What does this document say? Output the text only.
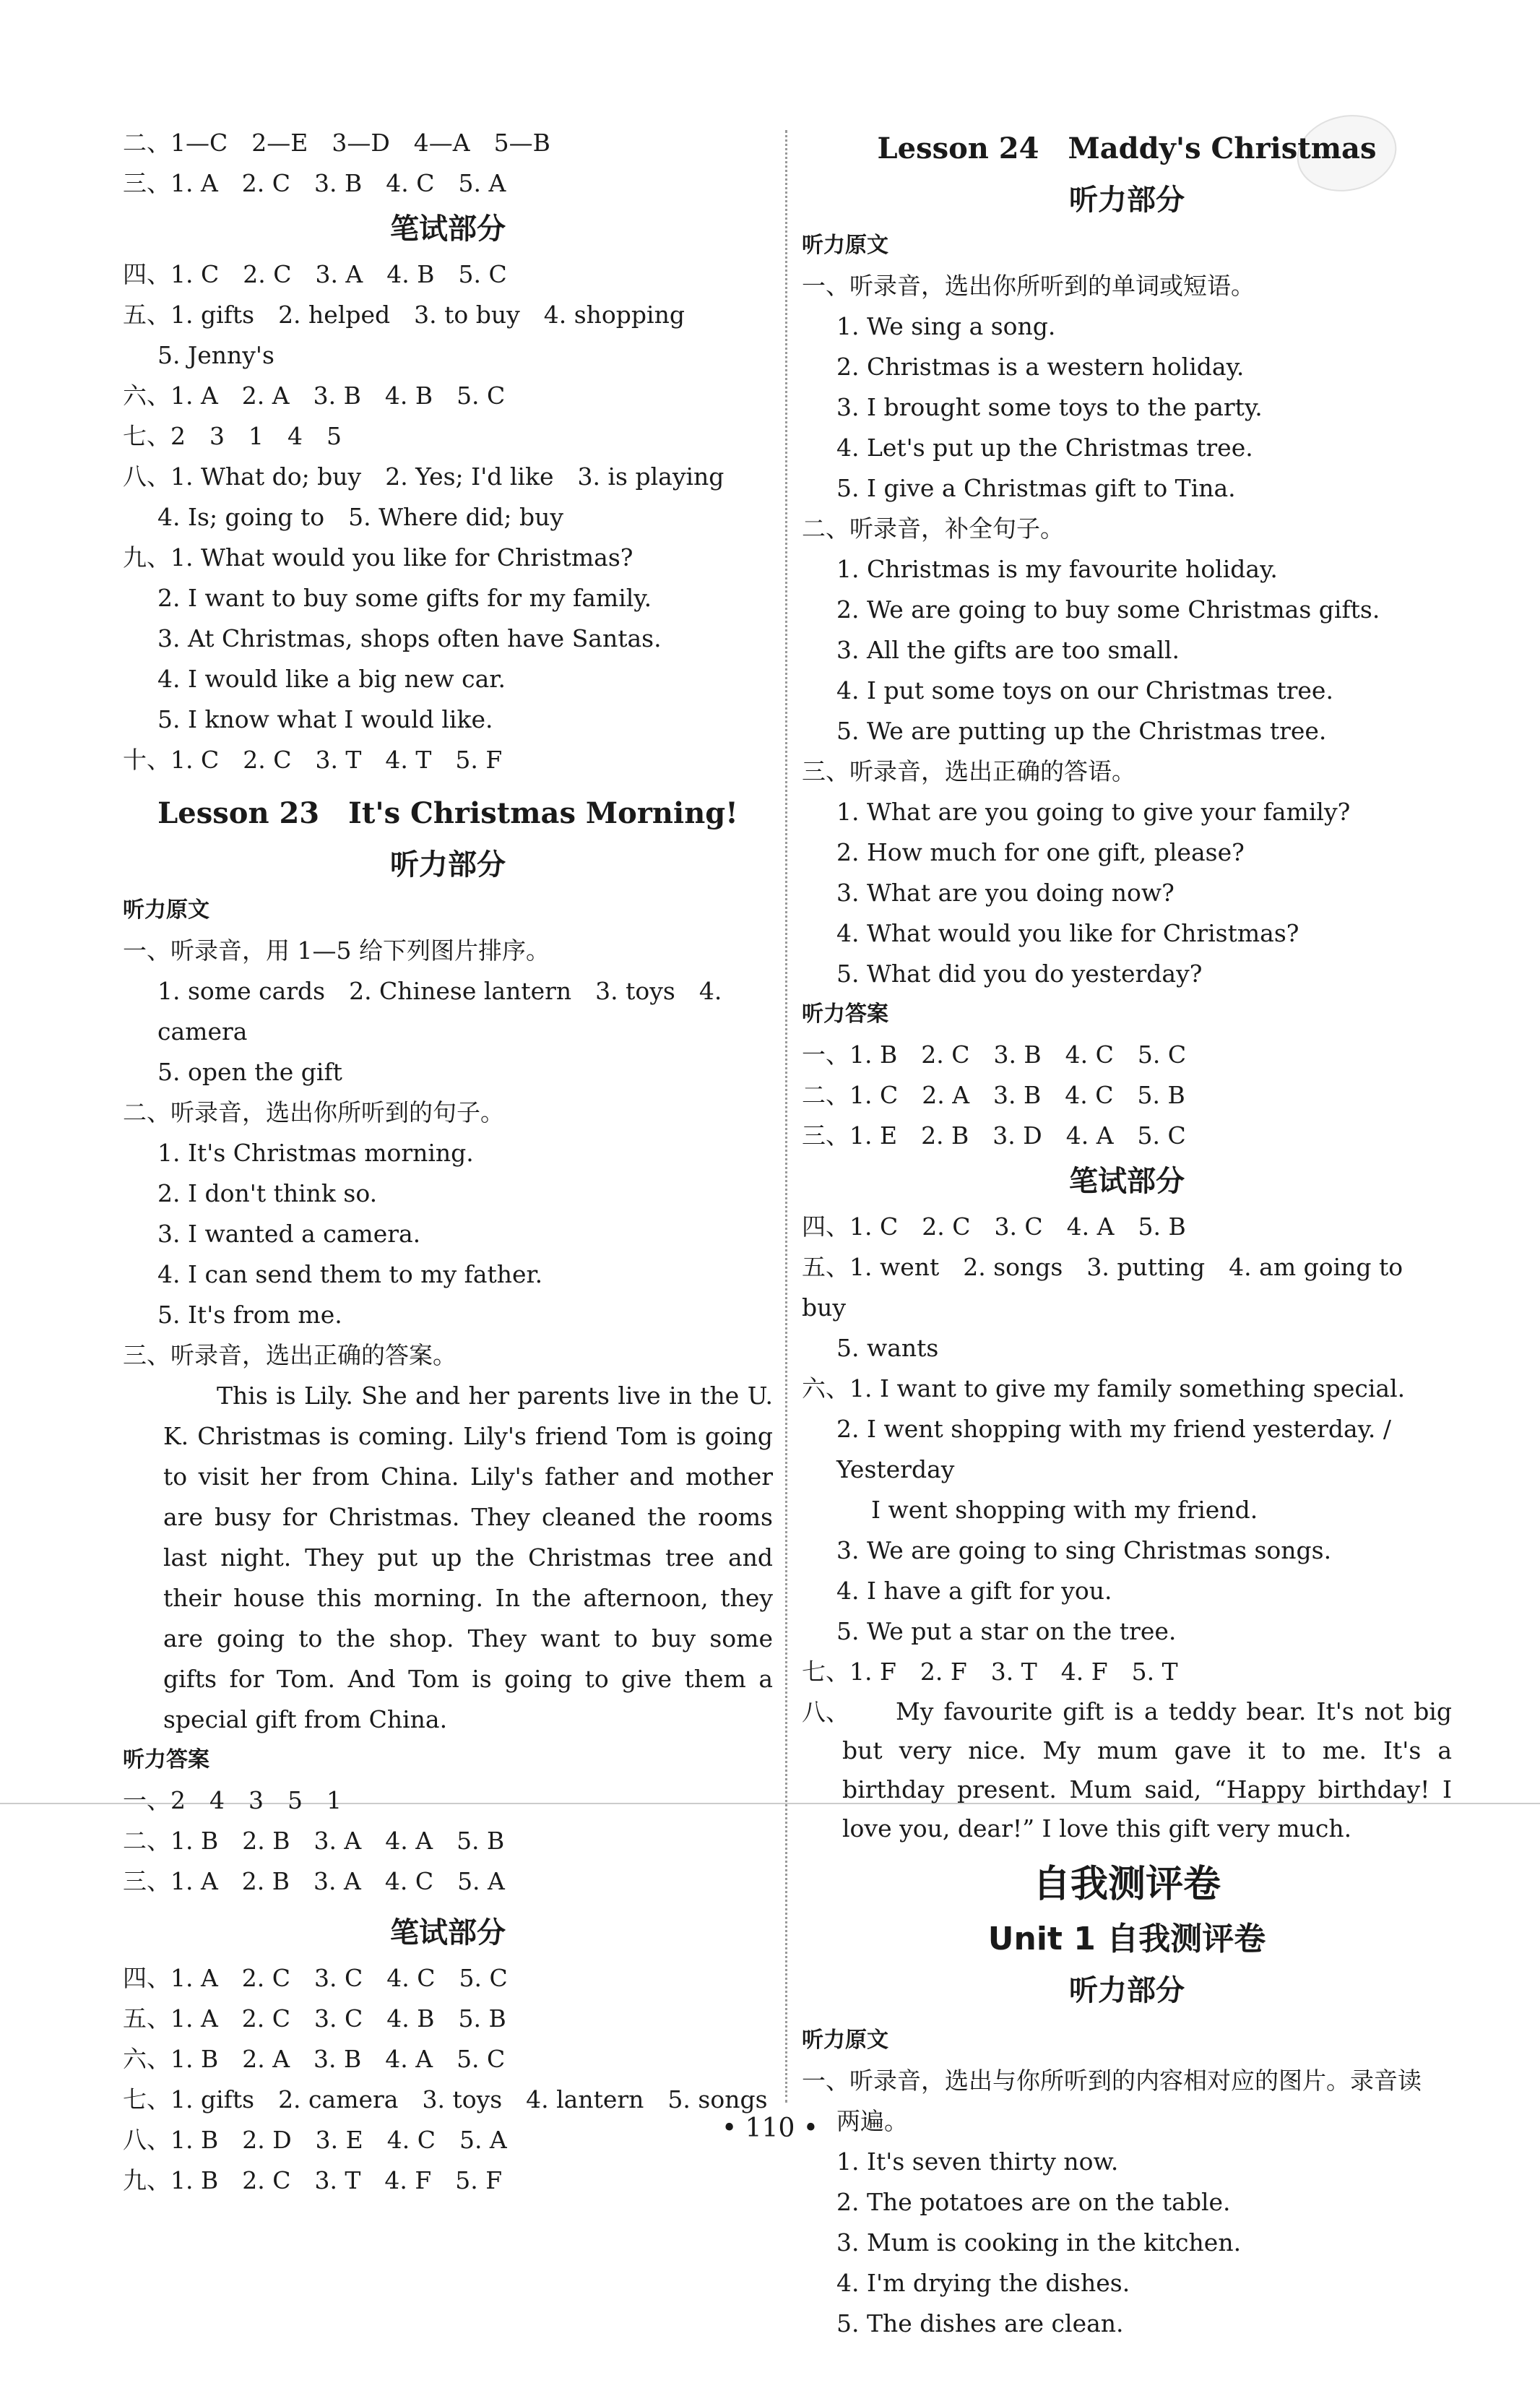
二、1—C　2—E　3—D　4—A　5—B
三、1. A　2. C　3. B　4. C　5. A
笔试部分
四、1. C　2. C　3. A　4. B　5. C
五、1. gifts　2. helped　3. to buy　4. shopping
5. Jenny's
六、1. A　2. A　3. B　4. B　5. C
七、2　3　1　4　5
八、1. What do; buy　2. Yes; I'd like　3. is playing
4. Is; going to　5. Where did; buy
九、1. What would you like for Christmas?
2. I want to buy some gifts for my family.
3. At Christmas, shops often have Santas.
4. I would like a big new car.
5. I know what I would like.
十、1. C　2. C　3. T　4. T　5. F
Lesson 23　It's Christmas Morning!
听力部分
听力原文
一、听录音，用 1—5 给下列图片排序。
1. some cards　2. Chinese lantern　3. toys　4. camera
5. open the gift
二、听录音，选出你所听到的句子。
1. It's Christmas morning.
2. I don't think so.
3. I wanted a camera.
4. I can send them to my father.
5. It's from me.
三、听录音，选出正确的答案。
This is Lily. She and her parents live in the U. K. Christmas is coming. Lily's friend Tom is going to visit her from China. Lily's father and mother are busy for Christmas. They cleaned the rooms last night. They put up the Christmas tree and their house this morning. In the afternoon, they are going to the shop. They want to buy some gifts for Tom. And Tom is going to give them a special gift from China.
听力答案
一、2　4　3　5　1
二、1. B　2. B　3. A　4. A　5. B
三、1. A　2. B　3. A　4. C　5. A
笔试部分
四、1. A　2. C　3. C　4. C　5. C
五、1. A　2. C　3. C　4. B　5. B
六、1. B　2. A　3. B　4. A　5. C
七、1. gifts　2. camera　3. toys　4. lantern　5. songs
八、1. B　2. D　3. E　4. C　5. A
九、1. B　2. C　3. T　4. F　5. F
Lesson 24　Maddy's Christmas
听力部分
听力原文
一、听录音，选出你所听到的单词或短语。
1. We sing a song.
2. Christmas is a western holiday.
3. I brought some toys to the party.
4. Let's put up the Christmas tree.
5. I give a Christmas gift to Tina.
二、听录音，补全句子。
1. Christmas is my favourite holiday.
2. We are going to buy some Christmas gifts.
3. All the gifts are too small.
4. I put some toys on our Christmas tree.
5. We are putting up the Christmas tree.
三、听录音，选出正确的答语。
1. What are you going to give your family?
2. How much for one gift, please?
3. What are you doing now?
4. What would you like for Christmas?
5. What did you do yesterday?
听力答案
一、1. B　2. C　3. B　4. C　5. C
二、1. C　2. A　3. B　4. C　5. B
三、1. E　2. B　3. D　4. A　5. C
笔试部分
四、1. C　2. C　3. C　4. A　5. B
五、1. went　2. songs　3. putting　4. am going to buy
5. wants
六、1. I want to give my family something special.
2. I went shopping with my friend yesterday. / Yesterday
I went shopping with my friend.
3. We are going to sing Christmas songs.
4. I have a gift for you.
5. We put a star on the tree.
七、1. F　2. F　3. T　4. F　5. T
八、	My favourite gift is a teddy bear. It's not big but very nice. My mum gave it to me. It's a birthday present. Mum said, “Happy birthday! I love you, dear!” I love this gift very much.
自我测评卷
Unit 1 自我测评卷
听力部分
听力原文
一、听录音，选出与你所听到的内容相对应的图片。录音读
两遍。
1. It's seven thirty now.
2. The potatoes are on the table.
3. Mum is cooking in the kitchen.
4. I'm drying the dishes.
5. The dishes are clean.
• 110 •
